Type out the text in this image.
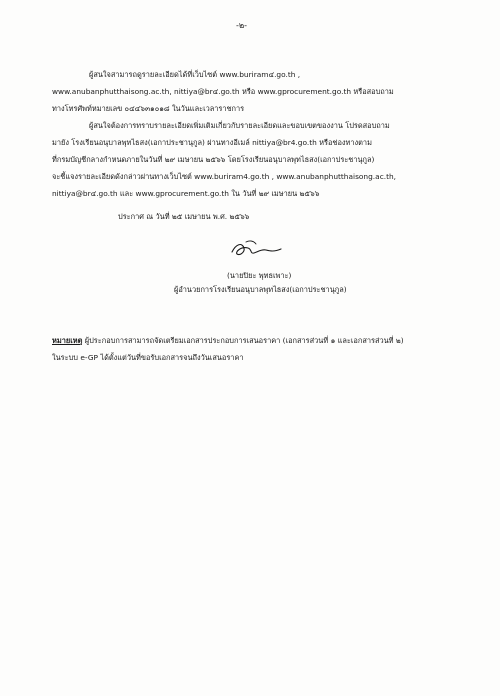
-๒-
ผู้สนใจสามารถดูรายละเอียดได้ที่เว็บไซต์ www.buriram๔.go.th ,
www.anubanphutthaisong.ac.th, nittiya@br๔.go.th หรือ www.gprocurement.go.th หรือสอบถาม
ทางโทรศัพท์หมายเลข ๐๔๔๖๓๑๐๑๘ ในวันและเวลาราชการ
ผู้สนใจต้องการทราบรายละเอียดเพิ่มเติมเกี่ยวกับรายละเอียดและขอบเขตของงาน โปรดสอบถาม
มายัง โรงเรียนอนุบาลพุทไธสง(เอกาประชานุกูล) ผ่านทางอีเมล์ nittiya@br4.go.th หรือช่องทางตาม
ที่กรมบัญชีกลางกำหนดภายในวันที่ ๒๙ เมษายน ๒๕๖๖ โดยโรงเรียนอนุบาลพุทไธสง(เอกาประชานุกูล)
จะชี้แจงรายละเอียดดังกล่าวผ่านทางเว็บไซต์ www.buriram4.go.th , www.anubanphutthaisong.ac.th,
nittiya@br๔.go.th และ www.gprocurement.go.th ใน วันที่ ๒๙ เมษายน ๒๕๖๖
ประกาศ ณ วันที่ ๒๕ เมษายน พ.ศ. ๒๕๖๖
(นายปิยะ พุทธเพาะ)
ผู้อำนวยการโรงเรียนอนุบาลพุทไธสง(เอกาประชานุกูล)
หมายเหตุ ผู้ประกอบการสามารถจัดเตรียมเอกสารประกอบการเสนอราคา (เอกสารส่วนที่ ๑ และเอกสารส่วนที่ ๒)
ในระบบ e-GP ได้ตั้งแต่วันที่ขอรับเอกสารจนถึงวันเสนอราคา
